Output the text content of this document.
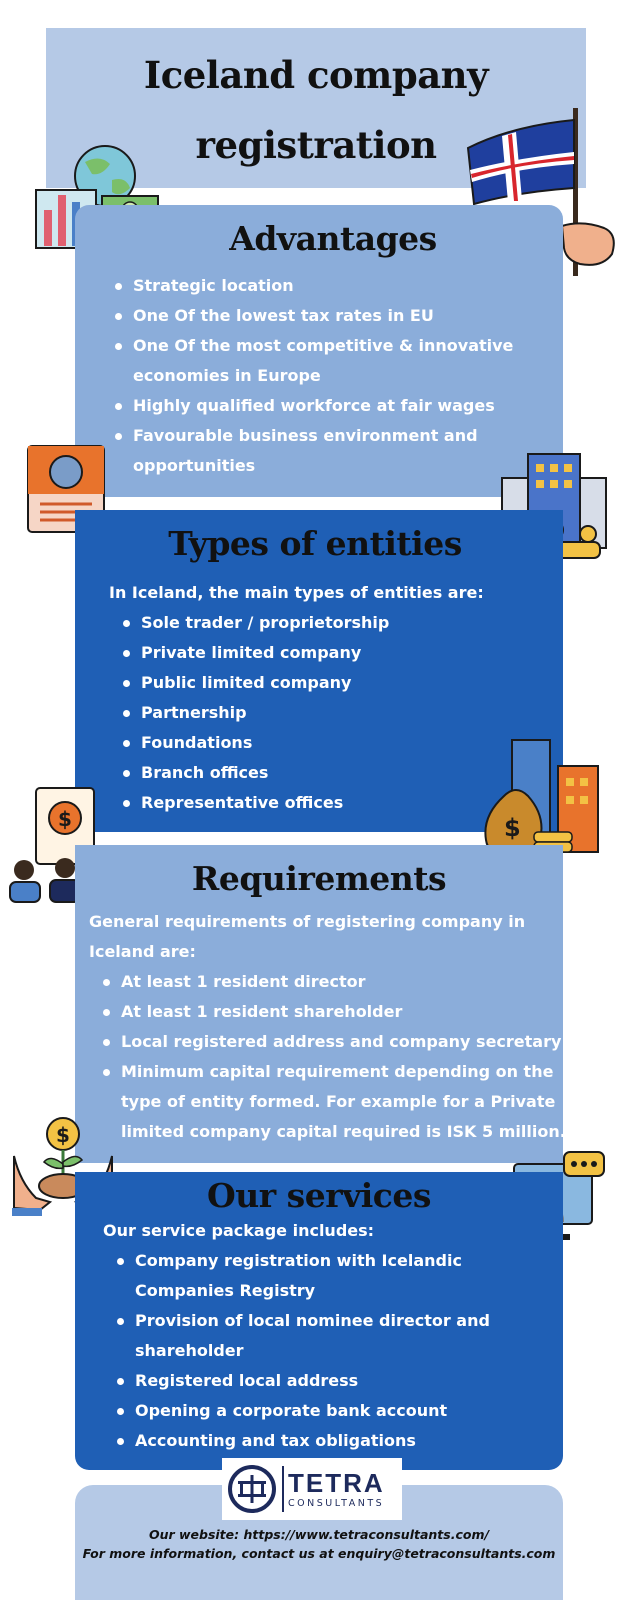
Iceland company
registration
Advantages
Strategic location
One Of the lowest tax rates in EU
One Of the most competitive & innovative
economies in Europe
Highly qualified workforce at fair wages
Favourable business environment and
opportunities
Types of entities
In Iceland, the main types of entities are:
Sole trader / proprietorship
Private limited company
Public limited company
Partnership
Foundations
Branch offices
Representative offices
$
$
Requirements
General requirements of registering company in
Iceland are:
At least 1 resident director
At least 1 resident shareholder
Local registered address and company secretary
Minimum capital requirement depending on the
type of entity formed. For example for a Private
limited company capital required is ISK 5 million.
$
Our services
Our service package includes:
Company registration with Icelandic
Companies Registry
Provision of local nominee director and
shareholder
Registered local address
Opening a corporate bank account
Accounting and tax obligations
TETRA
CONSULTANTS
Our website: https://www.tetraconsultants.com/
For more information, contact us at enquiry@tetraconsultants.com
